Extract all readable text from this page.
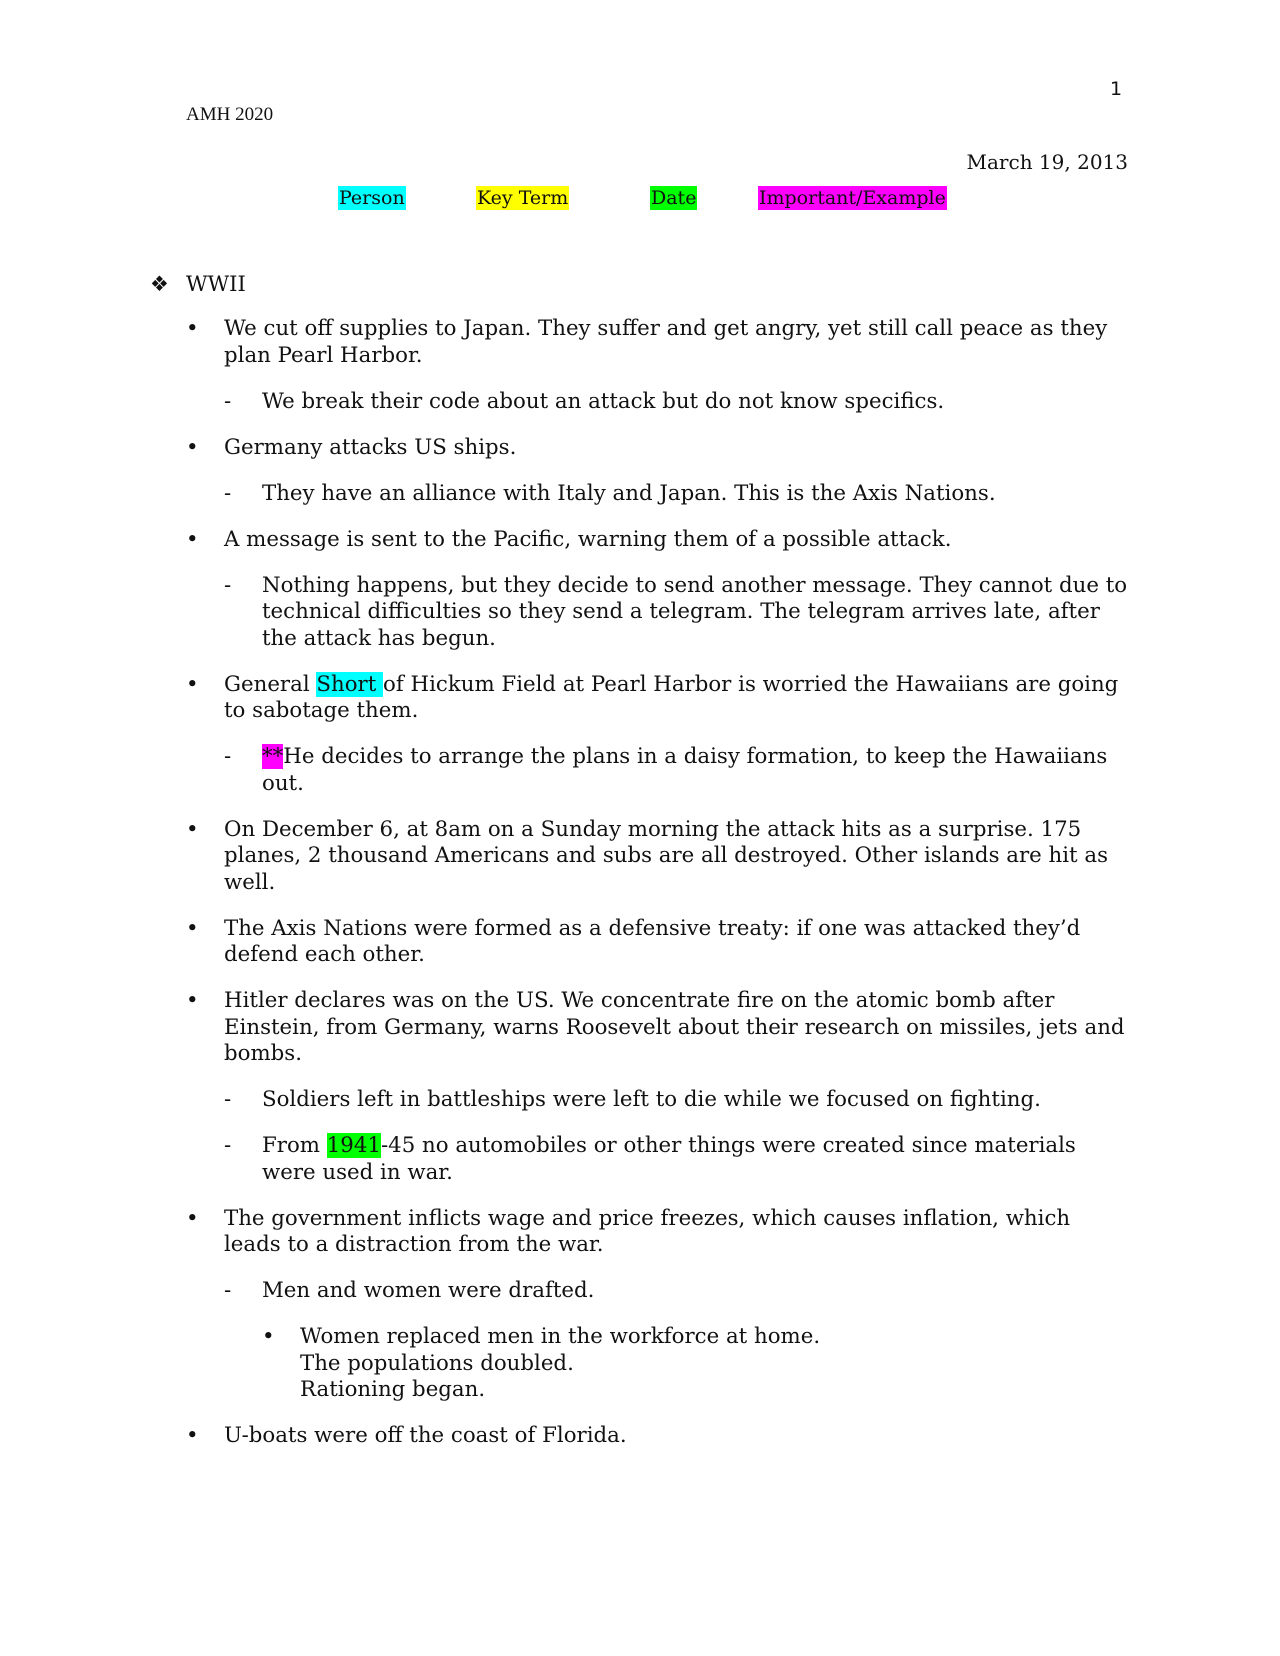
1
AMH 2020
March 19, 2013
Person	Key Term	Date	Important/Example
❖ WWII
• We cut off supplies to Japan. They suffer and get angry, yet still call peace as they plan Pearl Harbor.
- We break their code about an attack but do not know specifics.
• Germany attacks US ships.
- They have an alliance with Italy and Japan. This is the Axis Nations.
• A message is sent to the Pacific, warning them of a possible attack.
- Nothing happens, but they decide to send another message. They cannot due to technical difficulties so they send a telegram. The telegram arrives late, after the attack has begun.
• General Short of Hickum Field at Pearl Harbor is worried the Hawaiians are going to sabotage them.
- **He decides to arrange the plans in a daisy formation, to keep the Hawaiians out.
• On December 6, at 8am on a Sunday morning the attack hits as a surprise. 175 planes, 2 thousand Americans and subs are all destroyed. Other islands are hit as well.
• The Axis Nations were formed as a defensive treaty: if one was attacked they’d defend each other.
• Hitler declares was on the US. We concentrate fire on the atomic bomb after Einstein, from Germany, warns Roosevelt about their research on missiles, jets and bombs.
- Soldiers left in battleships were left to die while we focused on fighting.
- From 1941-45 no automobiles or other things were created since materials were used in war.
• The government inflicts wage and price freezes, which causes inflation, which leads to a distraction from the war.
- Men and women were drafted.
• Women replaced men in the workforce at home.
The populations doubled.
Rationing began.
• U-boats were off the coast of Florida.
